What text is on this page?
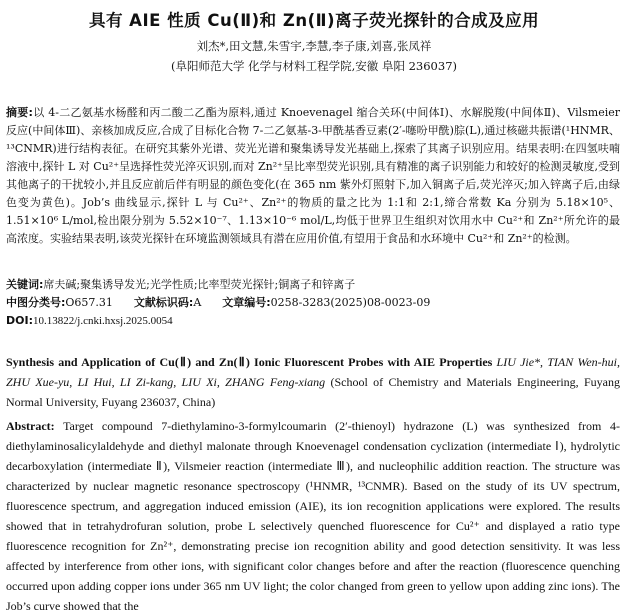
具有 AIE 性质 Cu(Ⅱ)和 Zn(Ⅱ)离子荧光探针的合成及应用
刘杰*,田文慧,朱雪宇,李慧,李子康,刘喜,张凤祥
(阜阳师范大学 化学与材料工程学院,安徽 阜阳 236037)
摘要:以 4-二乙氨基水杨醛和丙二酸二乙酯为原料,通过 Knoevenagel 缩合关环(中间体Ⅰ)、水解脱羧(中间体Ⅱ)、Vilsmeier 反应(中间体Ⅲ)、亲核加成反应,合成了目标化合物 7-二乙氨基-3-甲酰基香豆素(2′-噻吩甲酰)腙(L),通过核磁共振谱(¹HNMR、¹³CNMR)进行结构表征。在研究其紫外光谱、荧光光谱和聚集诱导发光基础上,探索了其离子识别应用。结果表明:在四氢呋喃溶液中,探针 L 对 Cu²⁺呈选择性荧光淬灭识别,而对 Zn²⁺呈比率型荧光识别,具有精准的离子识别能力和较好的检测灵敏度,受到其他离子的干扰较小,并且反应前后伴有明显的颜色变化(在 365 nm 紫外灯照射下,加入铜离子后,荧光淬灭;加入锌离子后,由绿色变为黄色)。Job’s 曲线显示,探针 L 与 Cu²⁺、Zn²⁺的物质的量之比为 1:1和 2:1,缔合常数 Ka 分别为 5.18×10⁵、1.51×10⁶ L/mol,检出限分别为 5.52×10⁻⁷、1.13×10⁻⁶ mol/L,均低于世界卫生组织对饮用水中 Cu²⁺和 Zn²⁺所允许的最高浓度。实验结果表明,该荧光探针在环境监测领域具有潜在应用价值,有望用于食品和水环境中 Cu²⁺和 Zn²⁺的检测。
关键词:席夫碱;聚集诱导发光;光学性质;比率型荧光探针;铜离子和锌离子
中图分类号:O657.31 文献标识码:A 文章编号:0258-3283(2025)08-0023-09
DOI:10.13822/j.cnki.hxsj.2025.0054
Synthesis and Application of Cu(Ⅱ) and Zn(Ⅱ) Ionic Fluorescent Probes with AIE Properties LIU Jie*, TIAN Wen-hui, ZHU Xue-yu, LI Hui, LI Zi-kang, LIU Xi, ZHANG Feng-xiang (School of Chemistry and Materials Engineering, Fuyang Normal University, Fuyang 236037, China)
Abstract: Target compound 7-diethylamino-3-formylcoumarin (2′-thienoyl) hydrazone (L) was synthesized from 4-diethylaminosalicylaldehyde and diethyl malonate through Knoevenagel condensation cyclization (intermediate Ⅰ), hydrolytic decarboxylation (intermediate Ⅱ), Vilsmeier reaction (intermediate Ⅲ), and nucleophilic addition reaction. The structure was characterized by nuclear magnetic resonance spectroscopy (¹HNMR, ¹³CNMR). Based on the study of its UV spectrum, fluorescence spectrum, and aggregation induced emission (AIE), its ion recognition applications were explored. The results showed that in tetrahydrofuran solution, probe L selectively quenched fluorescence for Cu²⁺ and displayed a ratio type fluorescence recognition for Zn²⁺, demonstrating precise ion recognition ability and good detection sensitivity. It was less affected by interference from other ions, with significant color changes before and after the reaction (fluorescence quenching occurred upon adding copper ions under 365 nm UV light; the color changed from green to yellow upon adding zinc ions). The Job’s curve showed that the
